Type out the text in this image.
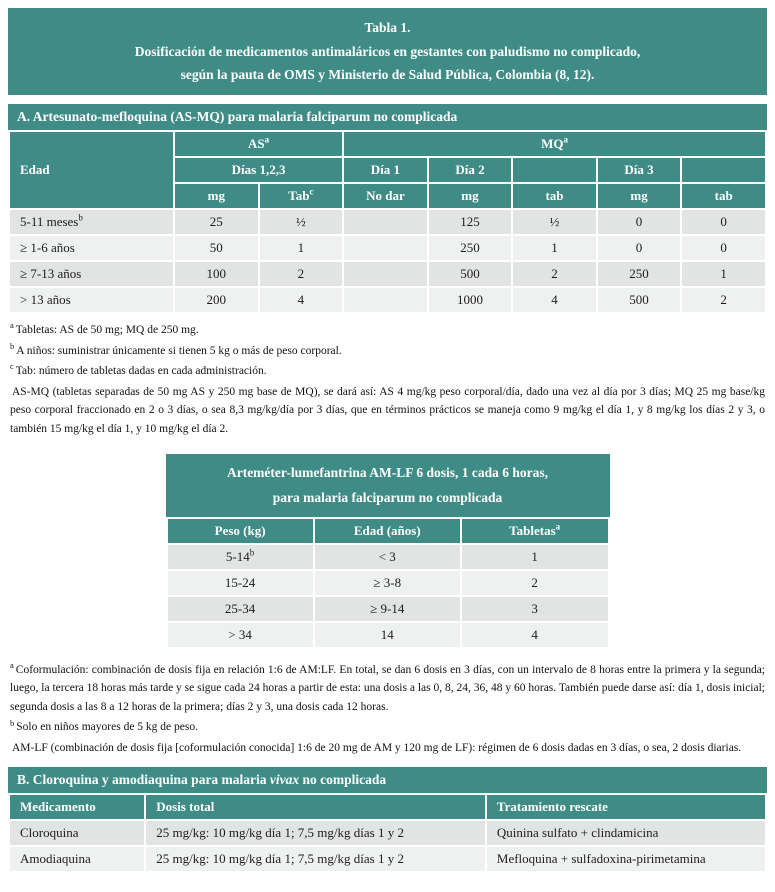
Tabla 1.
Dosificación de medicamentos antimaláricos en gestantes con paludismo no complicado,
según la pauta de OMS y Ministerio de Salud Pública, Colombia (8, 12).
A. Artesunato-mefloquina (AS-MQ) para malaria falciparum no complicada
Edad	$AS^a$		$MQ^a$
	Días 1,2,3		Día 1	Día 2		Día 3	
	mg	Tab$^c$	No dar	mg	tab	mg	tab
5-11 meses$^b$	25	½		125	½	0	0
≥ 1-6 años	50	1		250	1	0	0
≥ 7-13 años	100	2		500	2	250	1
> 13 años	200	4		1000	4	500	2

$^a$ Tabletas: AS de 50 mg; MQ de 250 mg.

$^b$ A niños: suministrar únicamente si tienen 5 kg o más de peso corporal.

$^c$ Tab: número de tabletas dadas en cada administración.

AS-MQ (tabletas separadas de 50 mg AS y 250 mg base de MQ), se dará así: AS 4 mg/kg peso corporal/día, dado una vez al día por 3 días; MQ 25 mg base/kg peso corporal fraccionado en 2 o 3 días, o sea 8,3 mg/kg/día por 3 días, que en términos prácticos se maneja como 9 mg/kg el día 1, y 8 mg/kg los días 2 y 3, o también 15 mg/kg el día 1, y 10 mg/kg el día 2.

Arteméter-lumefantrina AM-LF 6 dosis, 1 cada 6 horas,
para malaria falciparum no complicada
Peso (kg)	Edad (años)	Tabletas$^a$
$5-14^b$	< 3	1
15-24	≥ 3-8	2
25-34	≥ 9-14	3
> 34	14	4

$^a$ Coformulación: combinación de dosis fija en relación 1:6 de AM:LF. En total, se dan 6 dosis en 3 días, con un intervalo de 8 horas entre la primera y la segunda; luego, la tercera 18 horas más tarde y se sigue cada 24 horas a partir de esta: una dosis a las 0, 8, 24, 36, 48 y 60 horas. También puede darse así: día 1, dosis inicial; segunda dosis a las 8 a 12 horas de la primera; días 2 y 3, una dosis cada 12 horas.

$^b$ Solo en niños mayores de 5 kg de peso.

AM-LF (combinación de dosis fija [coformulación conocida] 1:6 de 20 mg de AM y 120 mg de LF): régimen de 6 dosis dadas en 3 días, o sea, 2 dosis diarias.

B. Cloroquina y amodiaquina para malaria vivax no complicada
Medicamento	Dosis total	Tratamiento rescate
Cloroquina	25 mg/kg: 10 mg/kg día 1; 7,5 mg/kg días 1 y 2	Quinina sulfato + clindamicina
Amodiaquina	25 mg/kg: 10 mg/kg día 1; 7,5 mg/kg días 1 y 2	Mefloquina + sulfadoxina-pirimetamina
